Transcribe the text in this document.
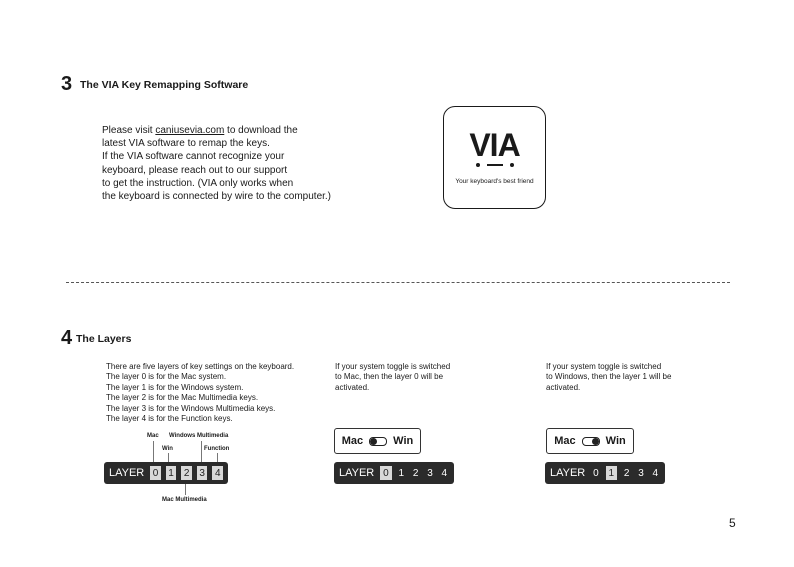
3 The VIA Key Remapping Software
Please visit caniusevia.com to download the
latest VIA software to remap the keys.
If the VIA software cannot recognize your
keyboard, please reach out to our support
to get the instruction. (VIA only works when
the keyboard is connected by wire to the computer.)
VIA
Your keyboard's best friend
4 The Layers
There are five layers of key settings on the keyboard.
The layer 0 is for the Mac system.
The layer 1 is for the Windows system.
The layer 2 is for the Mac Multimedia keys.
The layer 3 is for the Windows Multimedia keys.
The layer 4 is for the Function keys.
If your system toggle is switched
to Mac, then the layer 0 will be
activated.
If your system toggle is switched
to Windows, then the layer 1 will be
activated.
Mac Windows Multimedia
Win	Function
Mac Multimedia
LAYER 0 1 2 3 4
Mac	Win
LAYER 0 1 2 3 4
Mac	Win
LAYER 0 1 2 3 4
5
